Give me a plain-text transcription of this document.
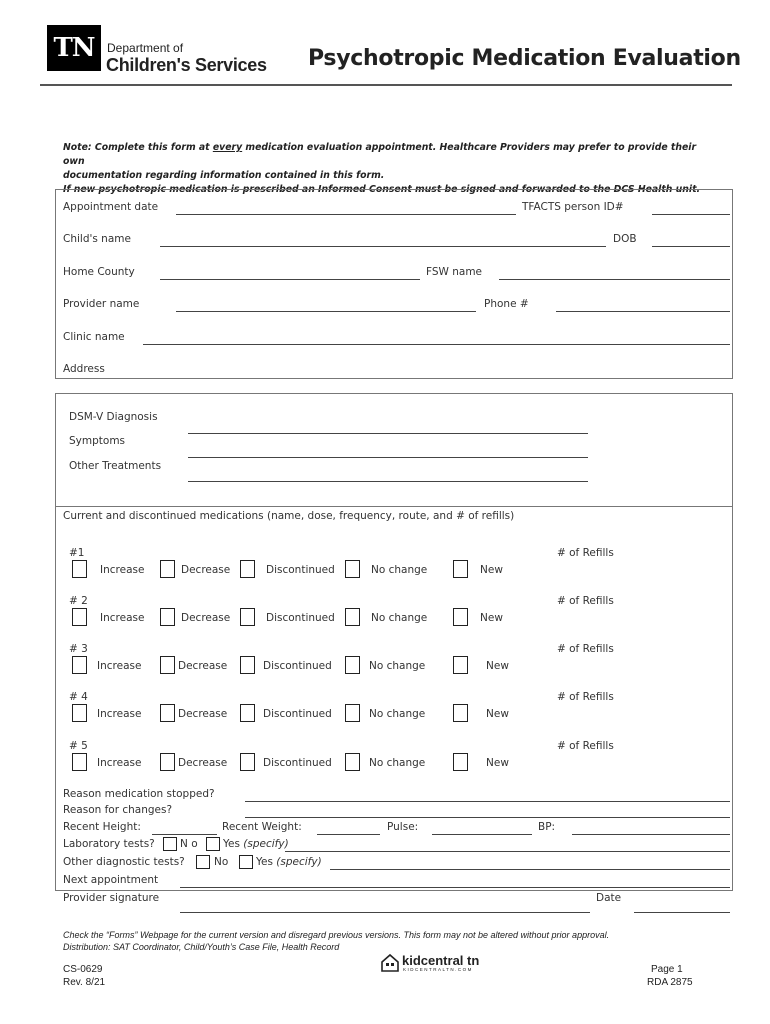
TN	Department of
Children's Services Psychotropic Medication Evaluation
Note: Complete this form at every medication evaluation appointment. Healthcare Providers may prefer to provide their own
documentation regarding information contained in this form.
If new psychotropic medication is prescribed an Informed Consent must be signed and forwarded to the DCS Health unit.
Appointment date	TFACTS person ID#
Child's name	DOB
Home County	FSW name
Provider name	Phone #
Clinic name
Address
DSM-V Diagnosis
Symptoms
Other Treatments
Current and discontinued medications (name, dose, frequency, route, and # of refills)
#1	# of Refills
Increase	Decrease	Discontinued	No change	New
# 2	# of Refills
Increase	Decrease	Discontinued	No change	New
# 3	# of Refills
Increase	Decrease	Discontinued	No change	New
# 4	# of Refills
Increase	Decrease	Discontinued	No change	New
# 5	# of Refills
Increase	Decrease	Discontinued	No change	New
Reason medication stopped?
Reason for changes?
Recent Height:	Recent Weight:	Pulse:	BP:
Laboratory tests? N o Yes (specify)
Other diagnostic tests?	No	Yes (specify)
Next appointment
Provider signature	Date
Check the “Forms” Webpage for the current version and disregard previous versions. This form may not be altered without prior approval.
Distribution: SAT Coordinator, Child/Youth’s Case File, Health Record
CS-0629
Rev. 8/21
kidcentral tn
KIDCENTRALTN.COM	Page 1
RDA 2875
